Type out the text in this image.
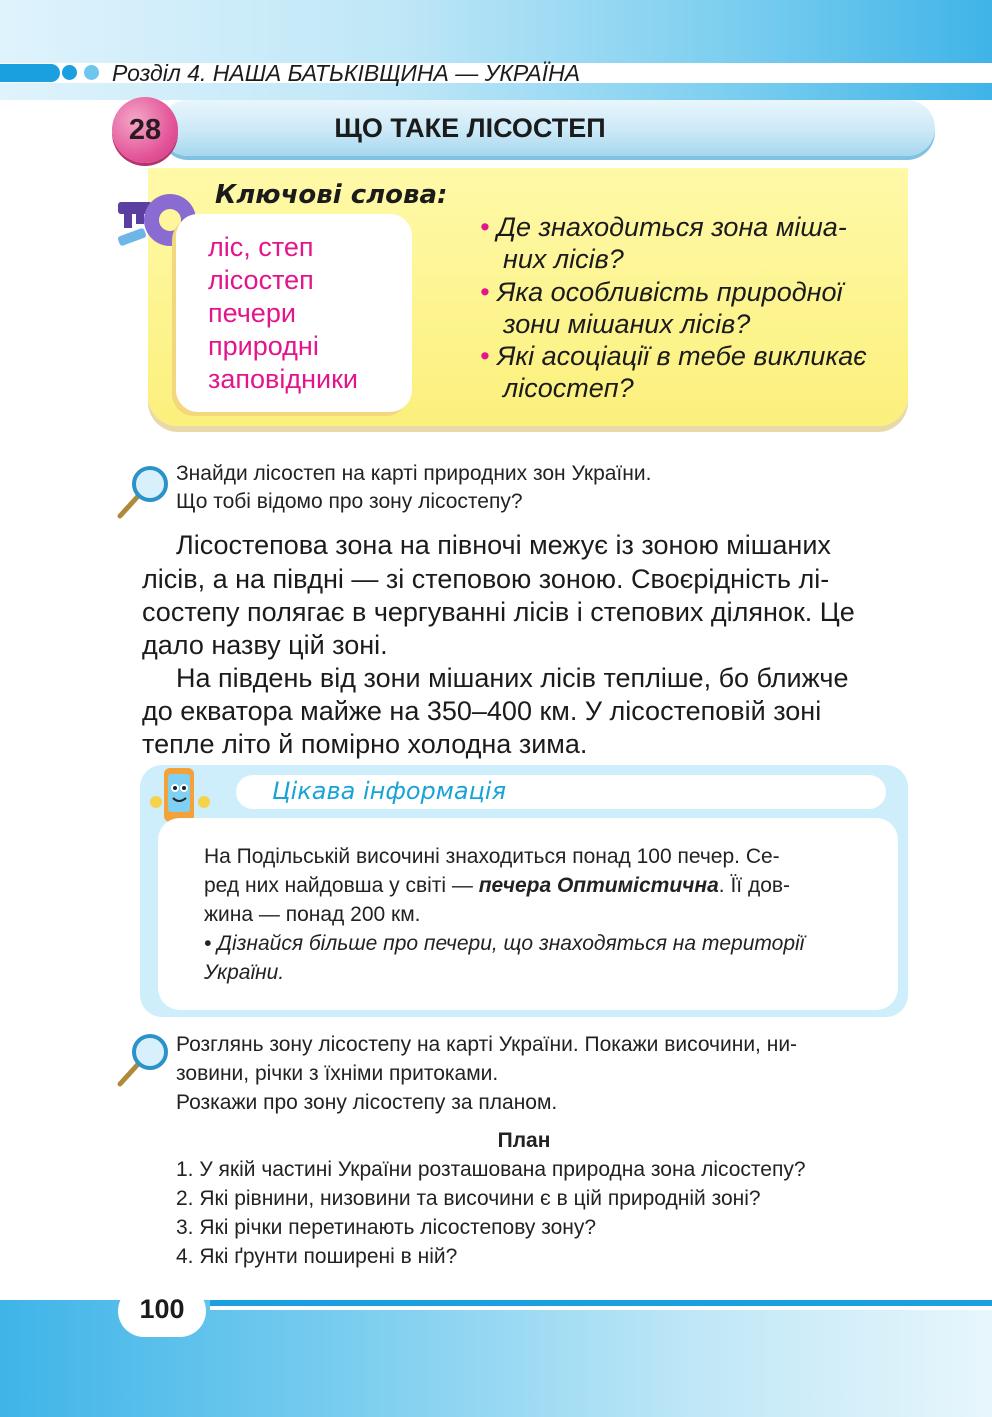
Розділ 4. НАША БАТЬКІВЩИНА — УКРАЇНА
ЩО ТАКЕ ЛІСОСТЕП
28
Ключові слова:
ліс, степ
лісостеп
печери
природні
заповідники
• Де знаходиться зона міша-
них лісів?
• Яка особливість природної
зони мішаних лісів?
• Які асоціації в тебе викликає
лісостеп?
Знайди лісостеп на карті природних зон України.
Що тобі відомо про зону лісостепу?
Лісостепова зона на півночі межує із зоною мішаних
лісів, а на півдні — зі степовою зоною. Своєрідність лі-
состепу полягає в чергуванні лісів і степових ділянок. Це
дало назву цій зоні.
На південь від зони мішаних лісів тепліше, бо ближче
до екватора майже на 350–400 км. У лісостеповій зоні
тепле літо й помірно холодна зима.
Цікава інформація
На Подільській височині знаходиться понад 100 печер. Се-
ред них найдовша у світі — печера Оптимістична. Її дов-
жина — понад 200 км.
• Дізнайся більше про печери, що знаходяться на території
України.
Розглянь зону лісостепу на карті України. Покажи височини, ни-
зовини, річки з їхніми притоками.
Розкажи про зону лісостепу за планом.
План
1. У якій частині України розташована природна зона лісостепу?
2. Які рівнини, низовини та височини є в цій природній зоні?
3. Які річки перетинають лісостепову зону?
4. Які ґрунти поширені в ній?
100
